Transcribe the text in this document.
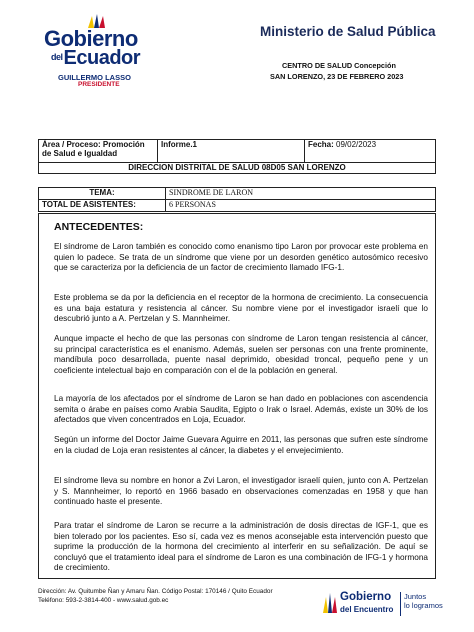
Gobierno
$^{del}$Ecuador
GUILLERMO LASSO
PRESIDENTE
Ministerio de Salud Pública
CENTRO DE SALUD Concepción
SAN LORENZO, 23 DE FEBRERO 2023
Área / Proceso: Promoción de Salud e Igualdad	Informe.1	Fecha: 09/02/2023
DIRECCION DISTRITAL DE SALUD 08D05 SAN LORENZO
TEMA:	SINDROME DE LARON
TOTAL DE ASISTENTES:	6 PERSONAS
ANTECEDENTES:
El síndrome de Laron también es conocido como enanismo tipo Laron por provocar este problema en quien lo padece. Se trata de un síndrome que viene por un desorden genético autosómico recesivo que se caracteriza por la deficiencia de un factor de crecimiento llamado IFG-1.
Este problema se da por la deficiencia en el receptor de la hormona de crecimiento. La consecuencia es una baja estatura y resistencia al cáncer. Su nombre viene por el investigador israelí que lo descubrió junto a A. Pertzelan y S. Mannheimer.
Aunque impacte el hecho de que las personas con síndrome de Laron tengan resistencia al cáncer, su principal característica es el enanismo. Además, suelen ser personas con una frente prominente, mandíbula poco desarrollada, puente nasal deprimido, obesidad troncal, pequeño pene y un coeficiente intelectual bajo en comparación con el de la población en general.
La mayoría de los afectados por el síndrome de Laron se han dado en poblaciones con ascendencia semita o árabe en países como Arabia Saudita, Egipto o Irak o Israel. Además, existe un 30% de los afectados que viven concentrados en Loja, Ecuador.
Según un informe del Doctor Jaime Guevara Aguirre en 2011, las personas que sufren este síndrome en la ciudad de Loja eran resistentes al cáncer, la diabetes y el envejecimiento.
El síndrome lleva su nombre en honor a Zvi Laron, el investigador israelí quien, junto con A. Pertzelan y S. Mannheimer, lo reportó en 1966 basado en observaciones comenzadas en 1958 y que han continuado haste el presente.
Para tratar el síndrome de Laron se recurre a la administración de dosis directas de IGF-1, que es bien tolerado por los pacientes. Eso sí, cada vez es menos aconsejable esta intervención puesto que suprime la producción de la hormona del crecimiento al interferir en su señalización. De aquí se concluyó que el tratamiento ideal para el síndrome de Laron es una combinación de IFG-1 y hormona de crecimiento.
Dirección: Av. Quitumbe Ñan y Amaru Ñan. Código Postal: 170146 / Quito Ecuador
Teléfono: 593-2-3814-400 - www.salud.gob.ec	Gobierno
del Encuentro
Juntos
lo logramos
